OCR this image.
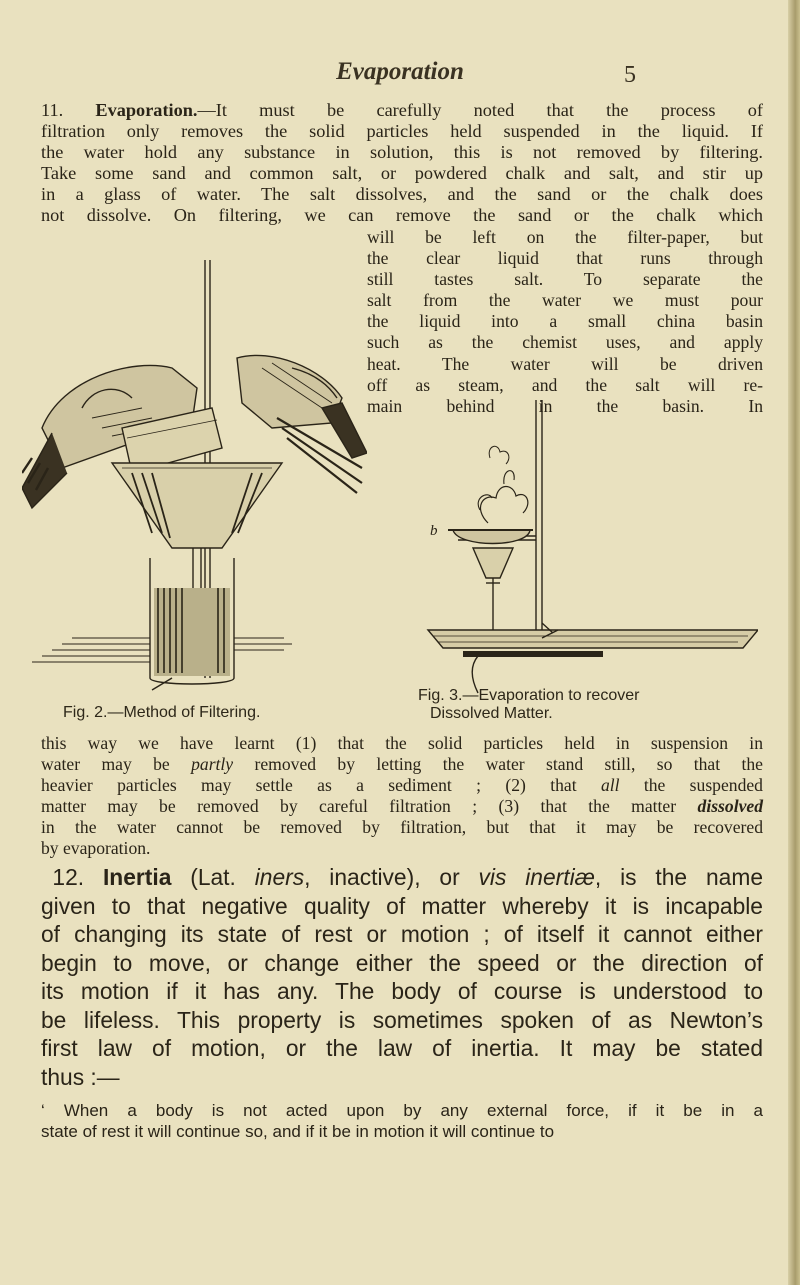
Evaporation	5
11. Evaporation.—It must be carefully noted that the process of
filtration only removes the solid particles held suspended in the liquid. If
the water hold any substance in solution, this is not removed by filtering.
Take some sand and common salt, or powdered chalk and salt, and stir up
in a glass of water. The salt dissolves, and the sand or the chalk does
not dissolve. On filtering, we can remove the sand or the chalk which
will be left on the filter-paper, but
the clear liquid that runs through
still tastes salt. To separate the
salt from the water we must pour
the liquid into a small china basin
such as the chemist uses, and apply
heat. The water will be driven
off as steam, and the salt will re-
main behind in the basin. In
b
Fig. 2.—Method of Filtering.
Fig. 3.—Evaporation to recover
Dissolved Matter.
this way we have learnt (1) that the solid particles held in suspension in
water may be partly removed by letting the water stand still, so that the
heavier particles may settle as a sediment ; (2) that all the suspended
matter may be removed by careful filtration ; (3) that the matter dissolved
in the water cannot be removed by filtration, but that it may be recovered
by evaporation.
 12. Inertia (Lat. iners, inactive), or vis inertiæ, is the name
given to that negative quality of matter whereby it is incapable
of changing its state of rest or motion ; of itself it cannot either
begin to move, or change either the speed or the direction of
its motion if it has any. The body of course is understood to
be lifeless. This property is sometimes spoken of as Newton’s
first law of motion, or the law of inertia. It may be stated
thus :—
‘ When a body is not acted upon by any external force, if it be in a
state of rest it will continue so, and if it be in motion it will continue to
